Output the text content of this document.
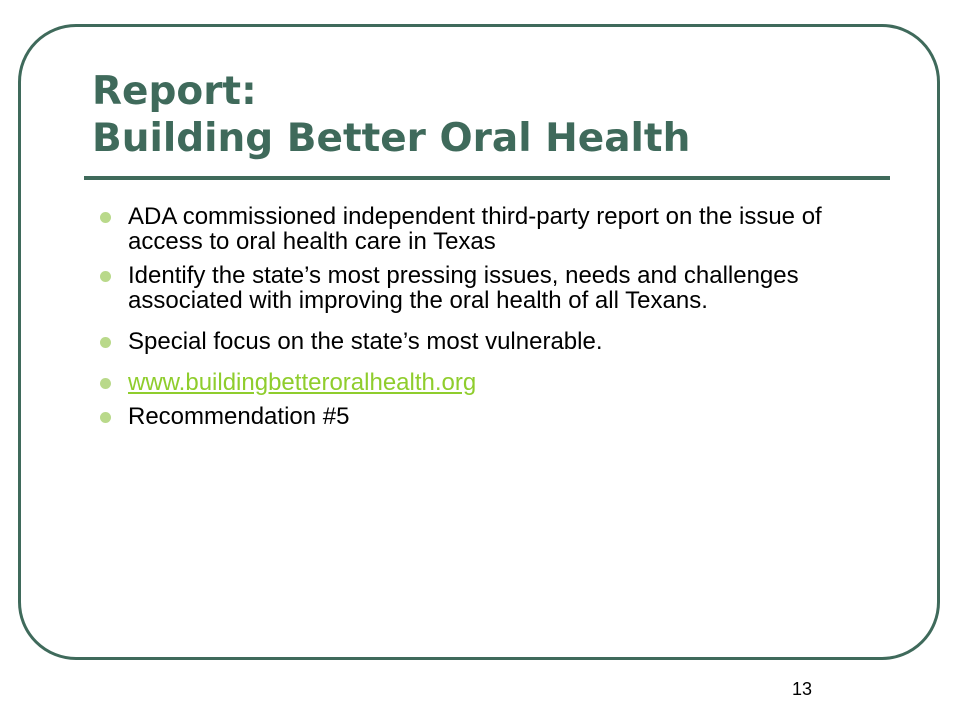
Report:
Building Better Oral Health
ADA commissioned independent third-party report on the issue of access to oral health care in Texas
Identify the state’s most pressing issues, needs and challenges associated with improving the oral health of all Texans.
Special focus on the state’s most vulnerable.
www.buildingbetteroralhealth.org
Recommendation #5
13
